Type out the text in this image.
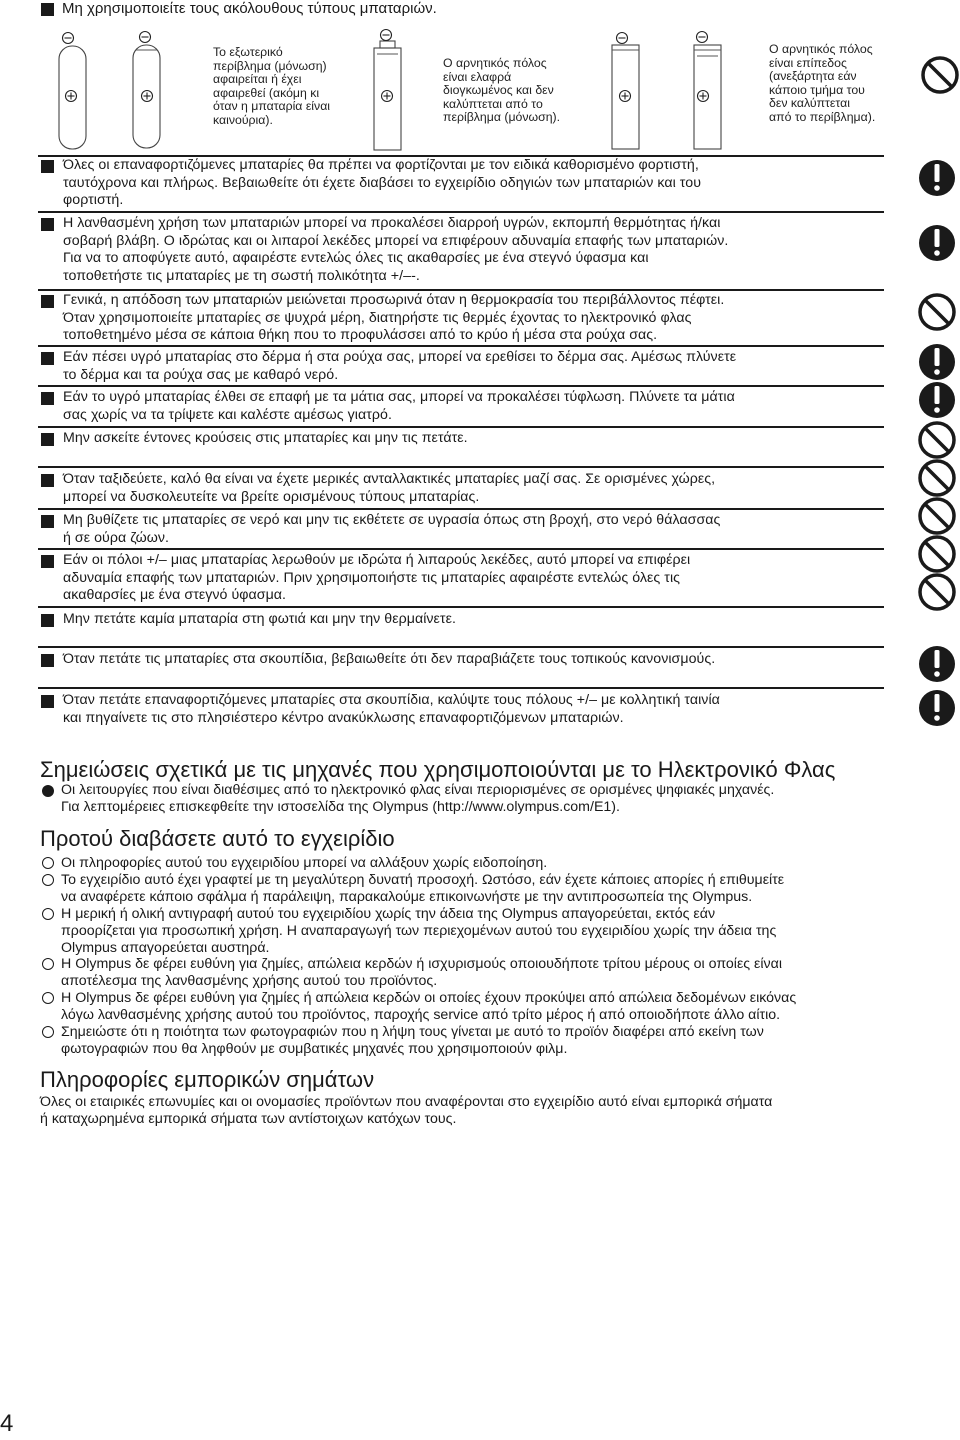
Μη χρησιμοποιείτε τους ακόλουθους τύπους μπαταριών.
Το εξωτερικό
περίβλημα (μόνωση)
αφαιρείται ή έχει
αφαιρεθεί (ακόμη κι
όταν η μπαταρία είναι
καινούρια).
Ο αρνητικός πόλος
είναι ελαφρά
διογκωμένος και δεν
καλύπτεται από το
περίβλημα (μόνωση).
Ο αρνητικός πόλος
είναι επίπεδος
(ανεξάρτητα εάν
κάποιο τμήμα του
δεν καλύπτεται
από το περίβλημα).
Όλες οι επαναφορτιζόμενες μπαταρίες θα πρέπει να φορτίζονται με τον ειδικά καθορισμένο φορτιστή,
ταυτόχρονα και πλήρως. Βεβαιωθείτε ότι έχετε διαβάσει το εγχειρίδιο οδηγιών των μπαταριών και του
φορτιστή.
Η λανθασμένη χρήση των μπαταριών μπορεί να προκαλέσει διαρροή υγρών, εκπομπή θερμότητας ή/και
σοβαρή βλάβη. Ο ιδρώτας και οι λιπαροί λεκέδες μπορεί να επιφέρουν αδυναμία επαφής των μπαταριών.
Για να το αποφύγετε αυτό, αφαιρέστε εντελώς όλες τις ακαθαρσίες με ένα στεγνό ύφασμα και
τοποθετήστε τις μπαταρίες με τη σωστή πολικότητα +/–-.
Γενικά, η απόδοση των μπαταριών μειώνεται προσωρινά όταν η θερμοκρασία του περιβάλλοντος πέφτει.
Όταν χρησιμοποιείτε μπαταρίες σε ψυχρά μέρη, διατηρήστε τις θερμές έχοντας το ηλεκτρονικό φλας
τοποθετημένο μέσα σε κάποια θήκη που το προφυλάσσει από το κρύο ή μέσα στα ρούχα σας.
Εάν πέσει υγρό μπαταρίας στο δέρμα ή στα ρούχα σας, μπορεί να ερεθίσει το δέρμα σας. Αμέσως πλύνετε
το δέρμα και τα ρούχα σας με καθαρό νερό.
Εάν το υγρό μπαταρίας έλθει σε επαφή με τα μάτια σας, μπορεί να προκαλέσει τύφλωση. Πλύνετε τα μάτια
σας χωρίς να τα τρίψετε και καλέστε αμέσως γιατρό.
Μην ασκείτε έντονες κρούσεις στις μπαταρίες και μην τις πετάτε.
Όταν ταξιδεύετε, καλό θα είναι να έχετε μερικές ανταλλακτικές μπαταρίες μαζί σας. Σε ορισμένες χώρες,
μπορεί να δυσκολευτείτε να βρείτε ορισμένους τύπους μπαταρίας.
Μη βυθίζετε τις μπαταρίες σε νερό και μην τις εκθέτετε σε υγρασία όπως στη βροχή, στο νερό θάλασσας
ή σε ούρα ζώων.
Εάν οι πόλοι +/– μιας μπαταρίας λερωθούν με ιδρώτα ή λιπαρούς λεκέδες, αυτό μπορεί να επιφέρει
αδυναμία επαφής των μπαταριών. Πριν χρησιμοποιήστε τις μπαταρίες αφαιρέστε εντελώς όλες τις
ακαθαρσίες με ένα στεγνό ύφασμα.
Μην πετάτε καμία μπαταρία στη φωτιά και μην την θερμαίνετε.
Όταν πετάτε τις μπαταρίες στα σκουπίδια, βεβαιωθείτε ότι δεν παραβιάζετε τους τοπικούς κανονισμούς.
Όταν πετάτε επαναφορτιζόμενες μπαταρίες στα σκουπίδια, καλύψτε τους πόλους +/– με κολλητική ταινία
και πηγαίνετε τις στο πλησιέστερο κέντρο ανακύκλωσης επαναφορτιζόμενων μπαταριών.
Σημειώσεις σχετικά με τις μηχανές που χρησιμοποιούνται με το Ηλεκτρονικό Φλας
Οι λειτουργίες που είναι διαθέσιμες από το ηλεκτρονικό φλας είναι περιορισμένες σε ορισμένες ψηφιακές μηχανές.
Για λεπτομέρειες επισκεφθείτε την ιστοσελίδα της Olympus (http://www.olympus.com/E1).
Προτού διαβάσετε αυτό το εγχειρίδιο
Οι πληροφορίες αυτού του εγχειριδίου μπορεί να αλλάξουν χωρίς ειδοποίηση.
Το εγχειρίδιο αυτό έχει γραφτεί με τη μεγαλύτερη δυνατή προσοχή. Ωστόσο, εάν έχετε κάποιες απορίες ή επιθυμείτε
να αναφέρετε κάποιο σφάλμα ή παράλειψη, παρακαλούμε επικοινωνήστε με την αντιπροσωπεία της Olympus.
Η μερική ή ολική αντιγραφή αυτού του εγχειριδίου χωρίς την άδεια της Olympus απαγορεύεται, εκτός εάν
προορίζεται για προσωπική χρήση. Η αναπαραγωγή των περιεχομένων αυτού του εγχειριδίου χωρίς την άδεια της
Olympus απαγορεύεται αυστηρά.
Η Olympus δε φέρει ευθύνη για ζημίες, απώλεια κερδών ή ισχυρισμούς οποιουδήποτε τρίτου μέρους οι οποίες είναι
αποτέλεσμα της λανθασμένης χρήσης αυτού του προϊόντος.
Η Olympus δε φέρει ευθύνη για ζημίες ή απώλεια κερδών οι οποίες έχουν προκύψει από απώλεια δεδομένων εικόνας
λόγω λανθασμένης χρήσης αυτού του προϊόντος, παροχής service από τρίτο μέρος ή από οποιοδήποτε άλλο αίτιο.
Σημειώστε ότι η ποιότητα των φωτογραφιών που η λήψη τους γίνεται με αυτό το προϊόν διαφέρει από εκείνη των
φωτογραφιών που θα ληφθούν με συμβατικές μηχανές που χρησιμοποιούν φιλμ.
Πληροφορίες εμπορικών σημάτων
Όλες οι εταιρικές επωνυμίες και οι ονομασίες προϊόντων που αναφέρονται στο εγχειρίδιο αυτό είναι εμπορικά σήματα
ή καταχωρημένα εμπορικά σήματα των αντίστοιχων κατόχων τους.
4
